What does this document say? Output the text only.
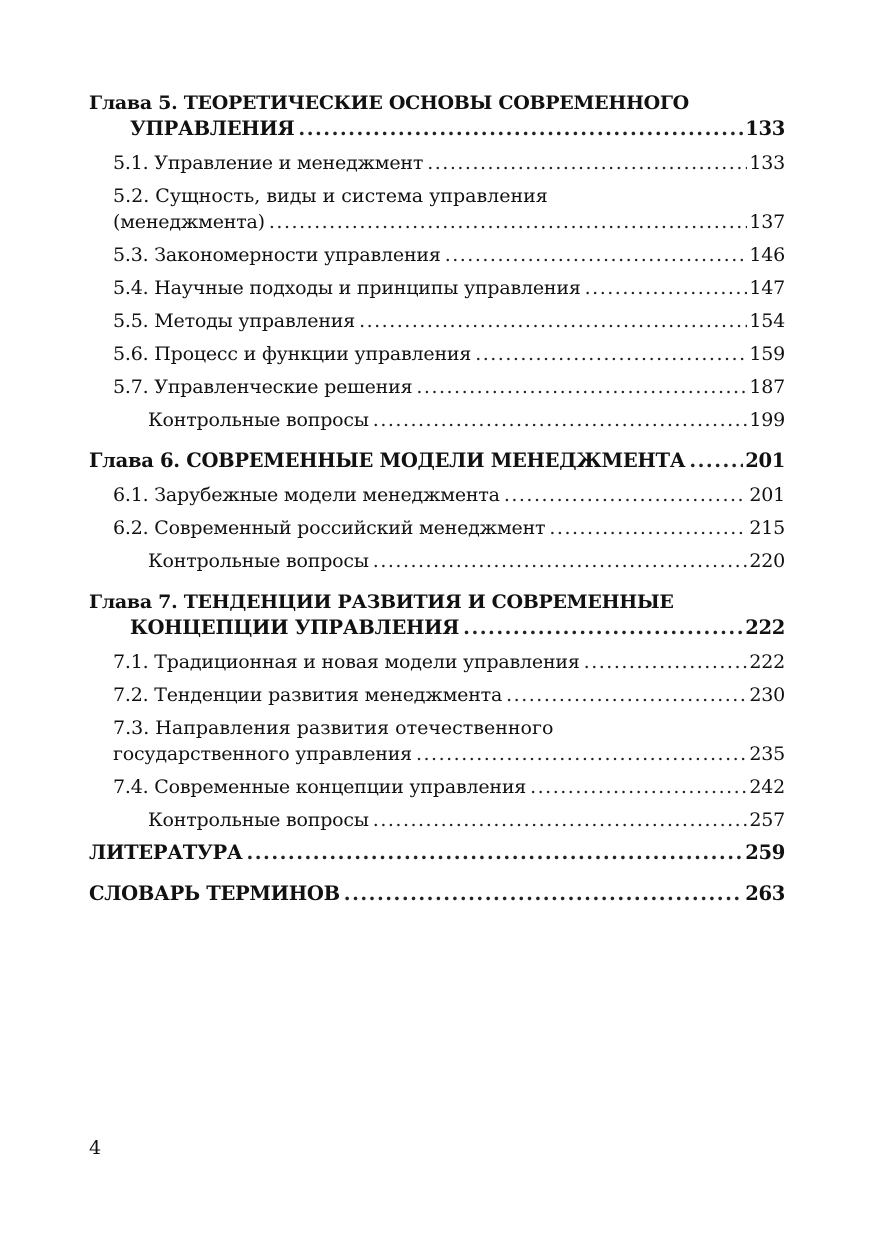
Глава 5. ТЕОРЕТИЧЕСКИЕ ОСНОВЫ СОВРЕМЕННОГО
УПРАВЛЕНИЯ .....	133
5.1. Управление и менеджмент .....	133
5.2. Сущность, виды и система управления
(менеджмента) .....	137
5.3. Закономерности управления .....	146
5.4. Научные подходы и принципы управления .....	147
5.5. Методы управления .....	154
5.6. Процесс и функции управления .....	159
5.7. Управленческие решения .....	187
Контрольные вопросы .....	199
Глава 6. СОВРЕМЕННЫЕ МОДЕЛИ МЕНЕДЖМЕНТА .....	201
6.1. Зарубежные модели менеджмента .....	201
6.2. Современный российский менеджмент .....	215
Контрольные вопросы .....	220
Глава 7. ТЕНДЕНЦИИ РАЗВИТИЯ И СОВРЕМЕННЫЕ
КОНЦЕПЦИИ УПРАВЛЕНИЯ .....	222
7.1. Традиционная и новая модели управления .....	222
7.2. Тенденции развития менеджмента .....	230
7.3. Направления развития отечественного
государственного управления .....	235
7.4. Современные концепции управления .....	242
Контрольные вопросы .....	257
ЛИТЕРАТУРА .....	259
СЛОВАРЬ ТЕРМИНОВ .....	263
4
